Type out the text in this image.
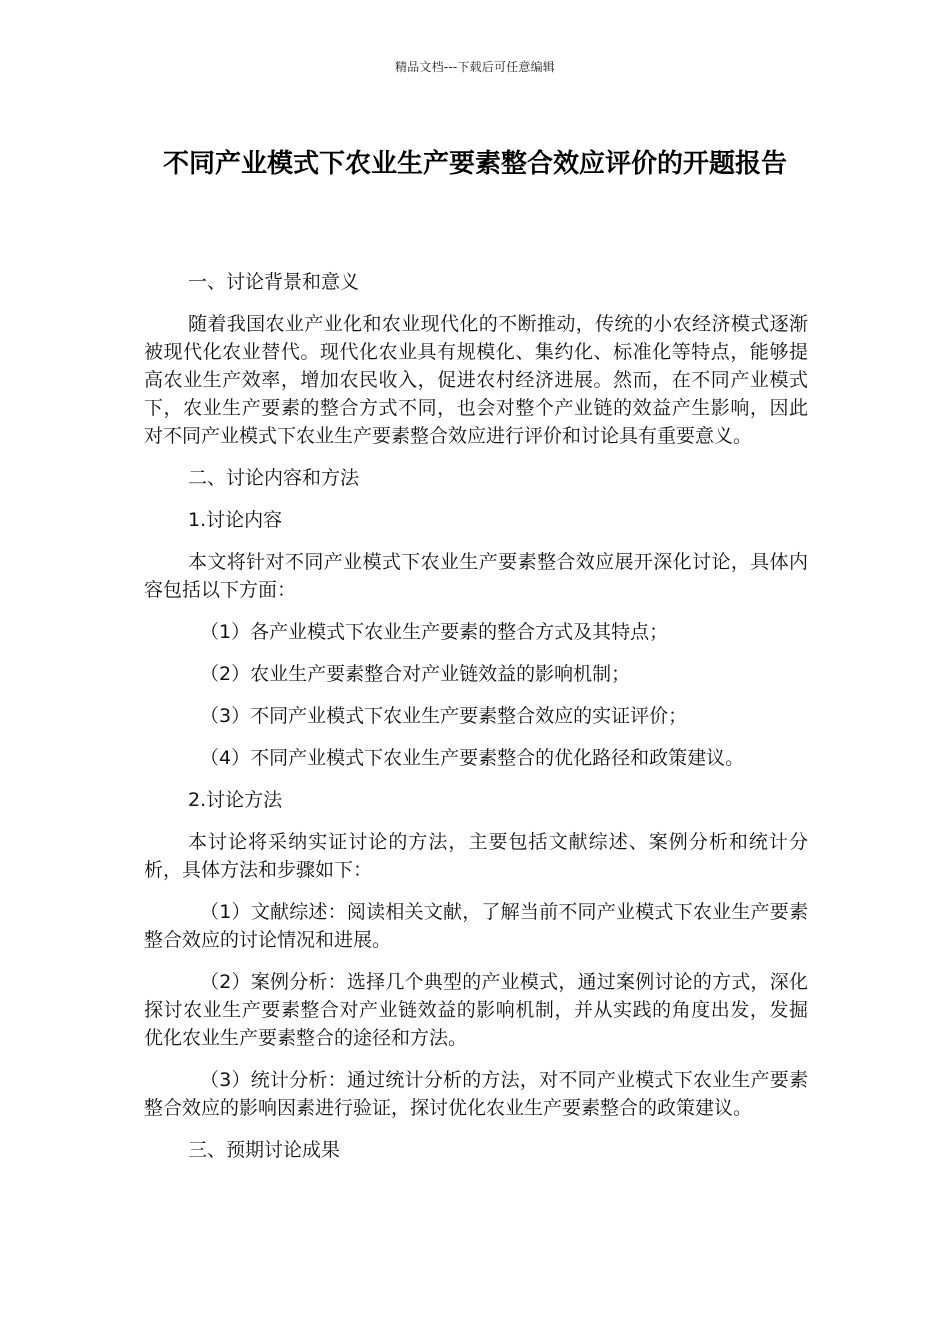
精品文档---下载后可任意编辑
不同产业模式下农业生产要素整合效应评价的开题报告
一、讨论背景和意义

随着我国农业产业化和农业现代化的不断推动，传统的小农经济模式逐渐被现代化农业替代。现代化农业具有规模化、集约化、标准化等特点，能够提高农业生产效率，增加农民收入，促进农村经济进展。然而，在不同产业模式下，农业生产要素的整合方式不同，也会对整个产业链的效益产生影响，因此对不同产业模式下农业生产要素整合效应进行评价和讨论具有重要意义。

二、讨论内容和方法
1.讨论内容

本文将针对不同产业模式下农业生产要素整合效应展开深化讨论，具体内容包括以下方面：

（1）各产业模式下农业生产要素的整合方式及其特点；
（2）农业生产要素整合对产业链效益的影响机制；
（3）不同产业模式下农业生产要素整合效应的实证评价；
（4）不同产业模式下农业生产要素整合的优化路径和政策建议。
2.讨论方法

本讨论将采纳实证讨论的方法，主要包括文献综述、案例分析和统计分析，具体方法和步骤如下：

（1）文献综述：阅读相关文献，了解当前不同产业模式下农业生产要素整合效应的讨论情况和进展。

（2）案例分析：选择几个典型的产业模式，通过案例讨论的方式，深化探讨农业生产要素整合对产业链效益的影响机制，并从实践的角度出发，发掘优化农业生产要素整合的途径和方法。

（3）统计分析：通过统计分析的方法，对不同产业模式下农业生产要素整合效应的影响因素进行验证，探讨优化农业生产要素整合的政策建议。

三、预期讨论成果
